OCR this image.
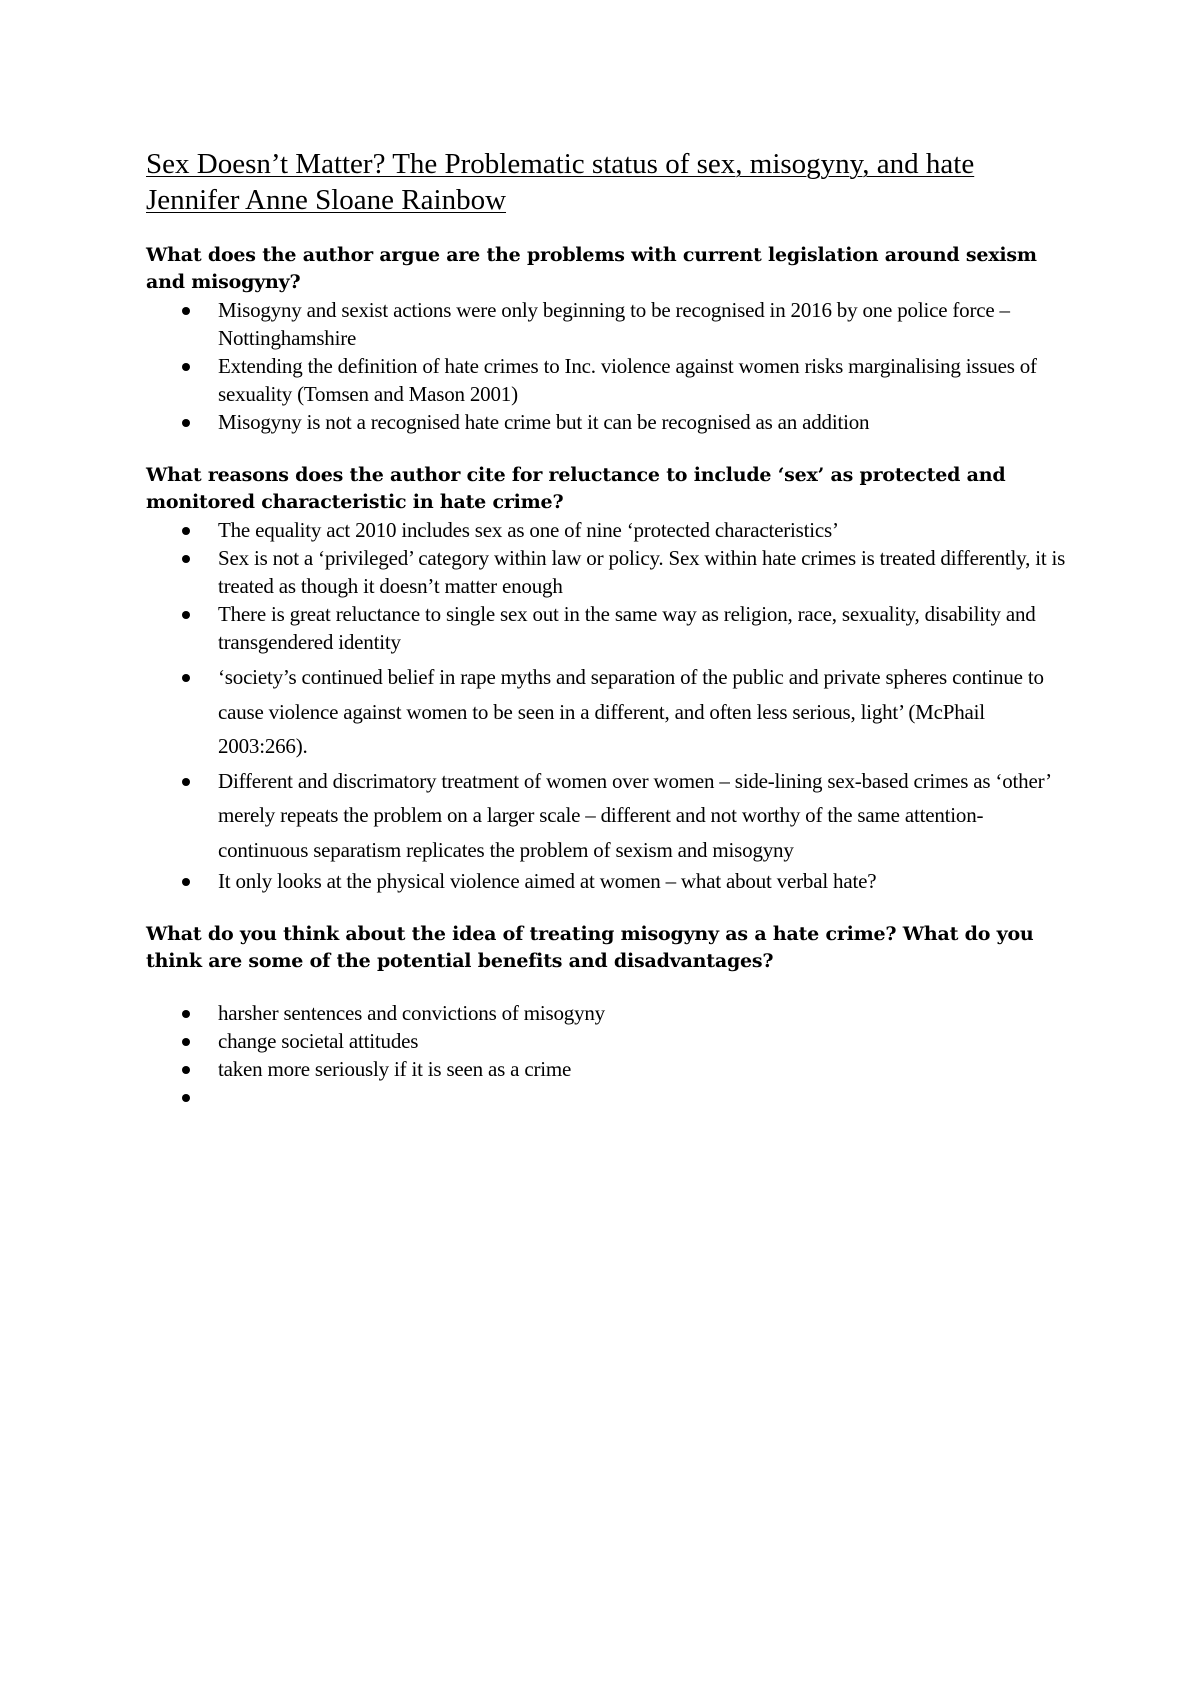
Sex Doesn’t Matter? The Problematic status of sex, misogyny, and hate
Jennifer Anne Sloane Rainbow

What does the author argue are the problems with current legislation around sexism and misogyny?

Misogyny and sexist actions were only beginning to be recognised in 2016 by one police force – Nottinghamshire
Extending the definition of hate crimes to Inc. violence against women risks marginalising issues of sexuality (Tomsen and Mason 2001)
Misogyny is not a recognised hate crime but it can be recognised as an addition

What reasons does the author cite for reluctance to include ‘sex’ as protected and monitored characteristic in hate crime?

The equality act 2010 includes sex as one of nine ‘protected characteristics’
Sex is not a ‘privileged’ category within law or policy. Sex within hate crimes is treated differently, it is treated as though it doesn’t matter enough
There is great reluctance to single sex out in the same way as religion, race, sexuality, disability and transgendered identity
‘society’s continued belief in rape myths and separation of the public and private spheres continue to cause violence against women to be seen in a different, and often less serious, light’ (McPhail 2003:266).
Different and discrimatory treatment of women over women – side-lining sex-based crimes as ‘other’ merely repeats the problem on a larger scale – different and not worthy of the same attention- continuous separatism replicates the problem of sexism and misogyny
It only looks at the physical violence aimed at women – what about verbal hate?

What do you think about the idea of treating misogyny as a hate crime? What do you think are some of the potential benefits and disadvantages?

harsher sentences and convictions of misogyny
change societal attitudes
taken more seriously if it is seen as a crime
